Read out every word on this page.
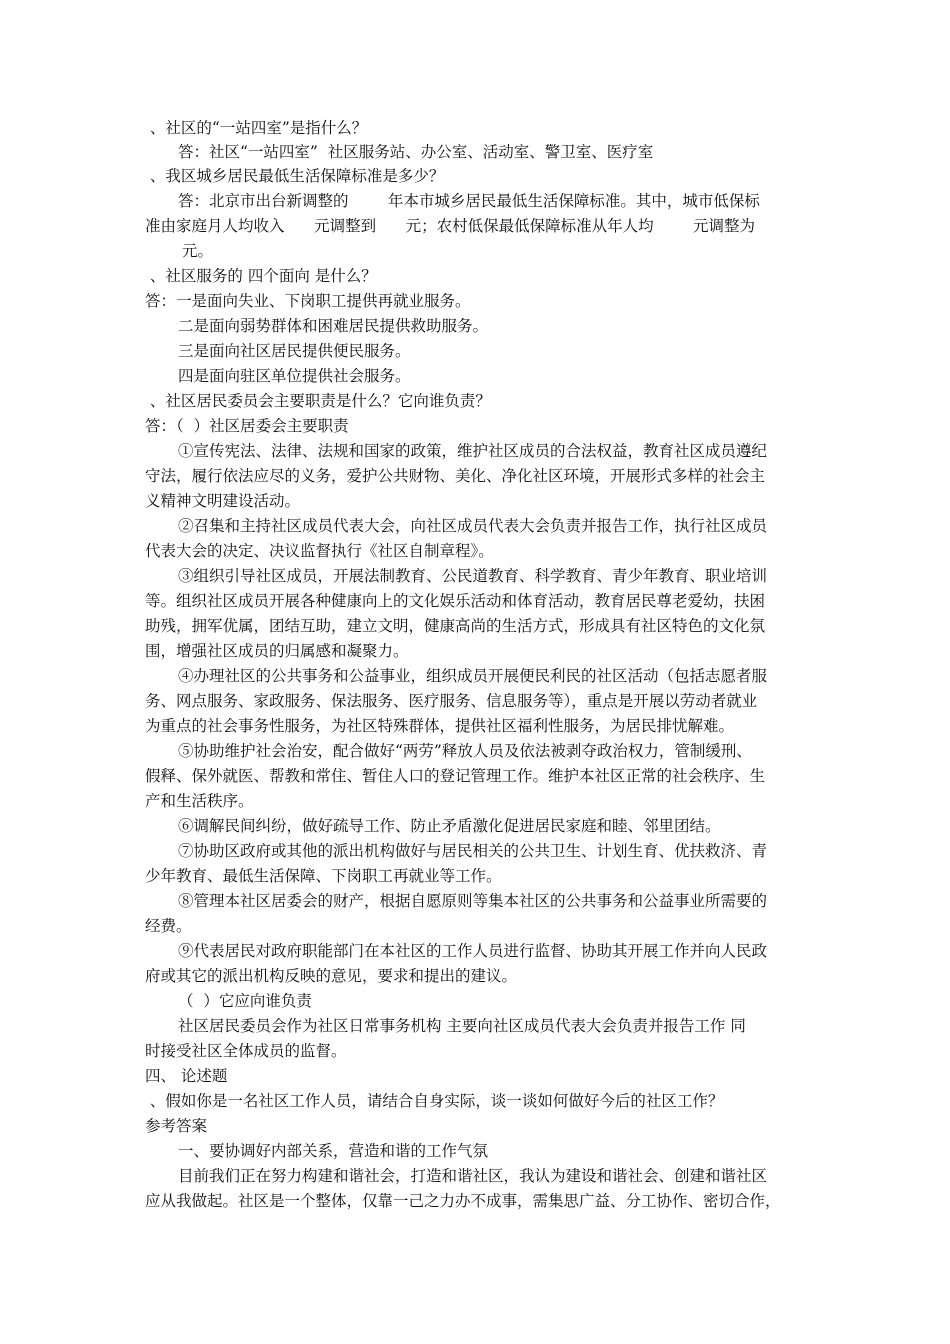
、社区的“一站四室”是指什么？
答：社区“一站四室”  社区服务站、办公室、活动室、警卫室、医疗室
、我区城乡居民最低生活保障标准是多少？
答：北京市出台新调整的        年本市城乡居民最低生活保障标准。其中，城市低保标
准由家庭月人均收入      元调整到      元；农村低保最低保障标准从年人均        元调整为
元。
、社区服务的 四个面向 是什么？
答：一是面向失业、下岗职工提供再就业服务。
二是面向弱势群体和困难居民提供救助服务。
三是面向社区居民提供便民服务。
四是面向驻区单位提供社会服务。
、社区居民委员会主要职责是什么？它向谁负责？
答：（  ）社区居委会主要职责
①宣传宪法、法律、法规和国家的政策，维护社区成员的合法权益，教育社区成员遵纪
守法，履行依法应尽的义务，爱护公共财物、美化、净化社区环境，开展形式多样的社会主
义精神文明建设活动。
②召集和主持社区成员代表大会，向社区成员代表大会负责并报告工作，执行社区成员
代表大会的决定、决议监督执行《社区自制章程》。
③组织引导社区成员，开展法制教育、公民道教育、科学教育、青少年教育、职业培训
等。组织社区成员开展各种健康向上的文化娱乐活动和体育活动，教育居民尊老爱幼，扶困
助残，拥军优属，团结互助，建立文明，健康高尚的生活方式，形成具有社区特色的文化氛
围，增强社区成员的归属感和凝聚力。
④办理社区的公共事务和公益事业，组织成员开展便民利民的社区活动（包括志愿者服
务、网点服务、家政服务、保法服务、医疗服务、信息服务等），重点是开展以劳动者就业
为重点的社会事务性服务，为社区特殊群体，提供社区福利性服务，为居民排忧解难。
⑤协助维护社会治安，配合做好“两劳”释放人员及依法被剥夺政治权力，管制缓刑、
假释、保外就医、帮教和常住、暂住人口的登记管理工作。维护本社区正常的社会秩序、生
产和生活秩序。
⑥调解民间纠纷，做好疏导工作、防止矛盾激化促进居民家庭和睦、邻里团结。
⑦协助区政府或其他的派出机构做好与居民相关的公共卫生、计划生育、优扶救济、青
少年教育、最低生活保障、下岗职工再就业等工作。
⑧管理本社区居委会的财产，根据自愿原则等集本社区的公共事务和公益事业所需要的
经费。
⑨代表居民对政府职能部门在本社区的工作人员进行监督、协助其开展工作并向人民政
府或其它的派出机构反映的意见，要求和提出的建议。
（  ）它应向谁负责
社区居民委员会作为社区日常事务机构 主要向社区成员代表大会负责并报告工作 同
时接受社区全体成员的监督。
四、 论述题
、假如你是一名社区工作人员，请结合自身实际，谈一谈如何做好今后的社区工作？
参考答案
一、要协调好内部关系，营造和谐的工作气氛
目前我们正在努力构建和谐社会，打造和谐社区，我认为建设和谐社会、创建和谐社区
应从我做起。社区是一个整体，仅靠一己之力办不成事，需集思广益、分工协作、密切合作，
